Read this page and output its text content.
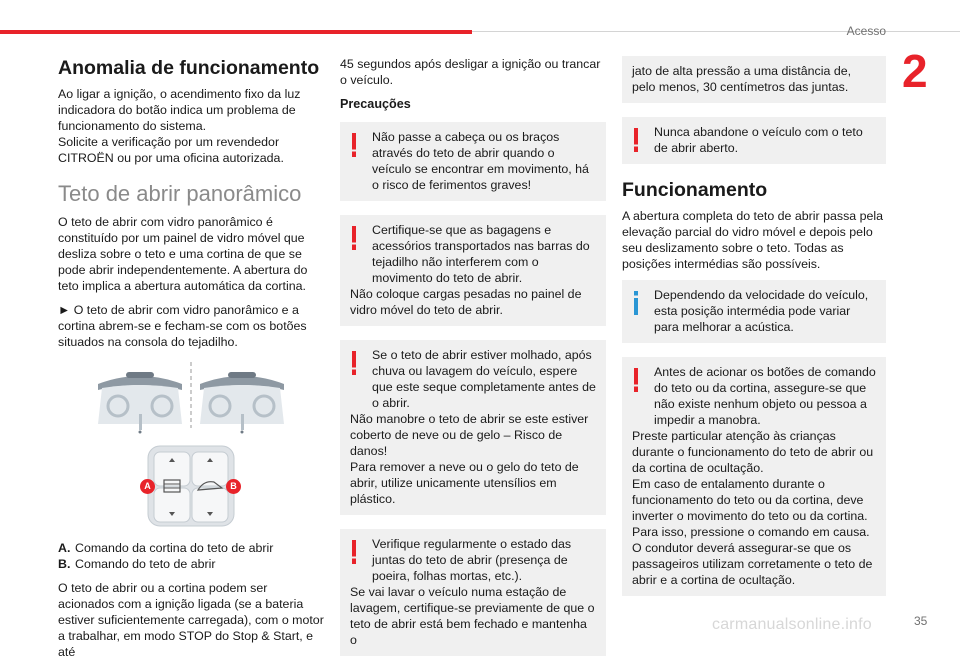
Acesso
2
Anomalia de funcionamento

Ao ligar a ignição, o acendimento fixo da luz indicadora do botão indica um problema de funcionamento do sistema.
Solicite a verificação por um revendedor CITROËN ou por uma oficina autorizada.

Teto de abrir panorâmico

O teto de abrir com vidro panorâmico é constituído por um painel de vidro móvel que desliza sobre o teto e uma cortina de que se pode abrir independentemente. A abertura do teto implica a abertura automática da cortina.

► O teto de abrir com vidro panorâmico e a cortina abrem-se e fecham-se com os botões situados na consola do tejadilho.

A	B
A. Comando da cortina do teto de abrir
B. Comando do teto de abrir

O teto de abrir ou a cortina podem ser acionados com a ignição ligada (se a bateria estiver suficientemente carregada), com o motor a trabalhar, em modo STOP do Stop & Start, e até

45 segundos após desligar a ignição ou trancar o veículo.

Precauções
Não passe a cabeça ou os braços através do teto de abrir quando o veículo se encontrar em movimento, há o risco de ferimentos graves!
Certifique-se que as bagagens e acessórios transportados nas barras do tejadilho não interferem com o movimento do teto de abrir.
Não coloque cargas pesadas no painel de vidro móvel do teto de abrir.
Se o teto de abrir estiver molhado, após chuva ou lavagem do veículo, espere que este seque completamente antes de o abrir.
Não manobre o teto de abrir se este estiver coberto de neve ou de gelo – Risco de danos!
Para remover a neve ou o gelo do teto de abrir, utilize unicamente utensílios em plástico.
Verifique regularmente o estado das juntas do teto de abrir (presença de poeira, folhas mortas, etc.).
Se vai lavar o veículo numa estação de lavagem, certifique-se previamente de que o teto de abrir está bem fechado e mantenha o
jato de alta pressão a uma distância de, pelo menos, 30 centímetros das juntas.
Nunca abandone o veículo com o teto de abrir aberto.
Funcionamento

A abertura completa do teto de abrir passa pela elevação parcial do vidro móvel e depois pelo seu deslizamento sobre o teto. Todas as posições intermédias são possíveis.

Dependendo da velocidade do veículo, esta posição intermédia pode variar para melhorar a acústica.
Antes de acionar os botões de comando do teto ou da cortina, assegure-se que não existe nenhum objeto ou pessoa a impedir a manobra.
Preste particular atenção às crianças durante o funcionamento do teto de abrir ou da cortina de ocultação.
Em caso de entalamento durante o funcionamento do teto ou da cortina, deve inverter o movimento do teto ou da cortina.
Para isso, pressione o comando em causa.
O condutor deverá assegurar-se que os passageiros utilizam corretamente o teto de abrir e a cortina de ocultação.
carmanualsonline.info	35
